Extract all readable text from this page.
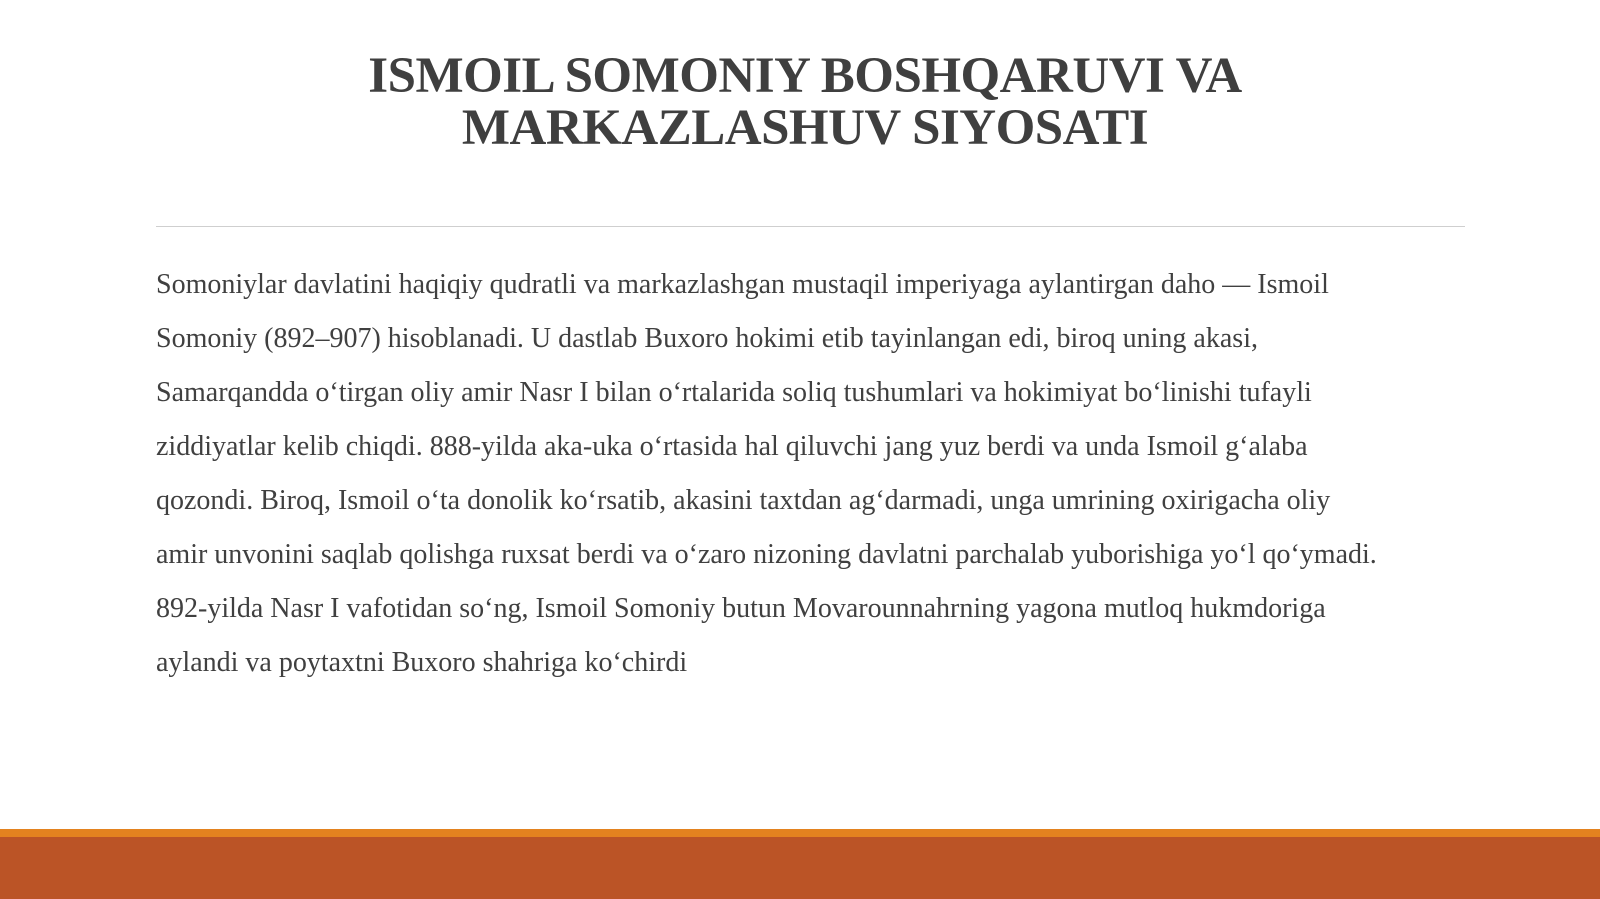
ISMOIL SOMONIY BOSHQARUVI VA
MARKAZLASHUV SIYOSATI

Somoniylar davlatini haqiqiy qudratli va markazlashgan mustaqil imperiyaga aylantirgan daho — Ismoil
Somoniy (892–907) hisoblanadi. U dastlab Buxoro hokimi etib tayinlangan edi, biroq uning akasi,
Samarqandda oʻtirgan oliy amir Nasr I bilan oʻrtalarida soliq tushumlari va hokimiyat boʻlinishi tufayli
ziddiyatlar kelib chiqdi. 888-yilda aka-uka oʻrtasida hal qiluvchi jang yuz berdi va unda Ismoil gʻalaba
qozondi. Biroq, Ismoil oʻta donolik koʻrsatib, akasini taxtdan agʻdarmadi, unga umrining oxirigacha oliy
amir unvonini saqlab qolishga ruxsat berdi va oʻzaro nizoning davlatni parchalab yuborishiga yoʻl qoʻymadi.
892-yilda Nasr I vafotidan soʻng, Ismoil Somoniy butun Movarounnahrning yagona mutloq hukmdoriga
aylandi va poytaxtni Buxoro shahriga koʻchirdi
